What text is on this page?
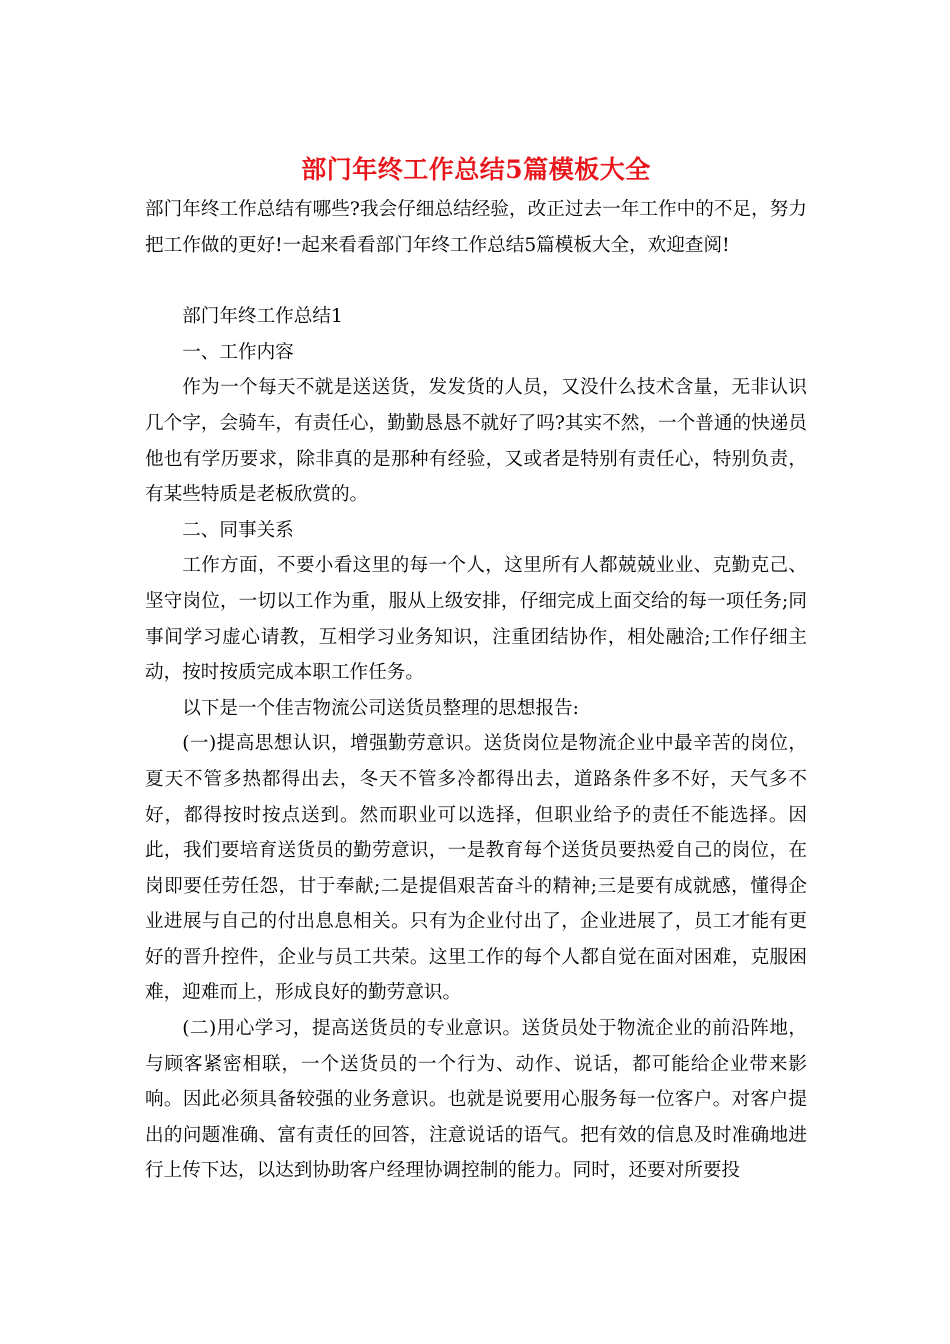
部门年终工作总结5篇模板大全

部门年终工作总结有哪些?我会仔细总结经验，改正过去一年工作中的不足，努力把工作做的更好!一起来看看部门年终工作总结5篇模板大全，欢迎查阅!

部门年终工作总结1

一、工作内容

作为一个每天不就是送送货，发发货的人员，又没什么技术含量，无非认识几个字，会骑车，有责任心，勤勤恳恳不就好了吗?其实不然，一个普通的快递员他也有学历要求，除非真的是那种有经验，又或者是特别有责任心，特别负责，有某些特质是老板欣赏的。

二、同事关系

工作方面，不要小看这里的每一个人，这里所有人都兢兢业业、克勤克己、坚守岗位，一切以工作为重，服从上级安排，仔细完成上面交给的每一项任务;同事间学习虚心请教，互相学习业务知识，注重团结协作，相处融洽;工作仔细主动，按时按质完成本职工作任务。

以下是一个佳吉物流公司送货员整理的思想报告:

(一)提高思想认识，增强勤劳意识。送货岗位是物流企业中最辛苦的岗位，夏天不管多热都得出去，冬天不管多冷都得出去，道路条件多不好，天气多不好，都得按时按点送到。然而职业可以选择，但职业给予的责任不能选择。因此，我们要培育送货员的勤劳意识，一是教育每个送货员要热爱自己的岗位，在岗即要任劳任怨，甘于奉献;二是提倡艰苦奋斗的精神;三是要有成就感，懂得企业进展与自己的付出息息相关。只有为企业付出了，企业进展了，员工才能有更好的晋升控件，企业与员工共荣。这里工作的每个人都自觉在面对困难，克服困难，迎难而上，形成良好的勤劳意识。

(二)用心学习，提高送货员的专业意识。送货员处于物流企业的前沿阵地，与顾客紧密相联，一个送货员的一个行为、动作、说话，都可能给企业带来影响。因此必须具备较强的业务意识。也就是说要用心服务每一位客户。对客户提出的问题准确、富有责任的回答，注意说话的语气。把有效的信息及时准确地进行上传下达，以达到协助客户经理协调控制的能力。同时，还要对所要投
